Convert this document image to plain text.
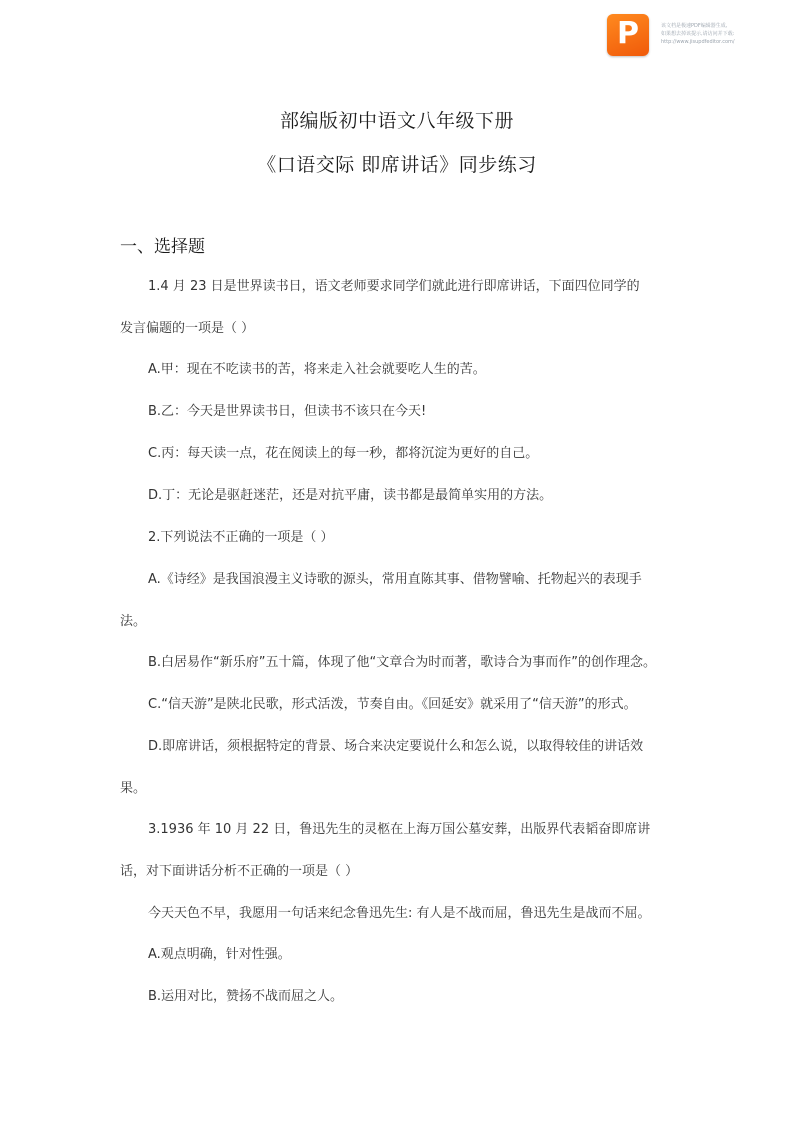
P	该文档是极速PDF编辑器生成,
如果想去掉该提示,请访问并下载:
http://www.jisupdfeditor.com/
部编版初中语文八年级下册
《口语交际 即席讲话》同步练习
一、选择题
1.4 月 23 日是世界读书日，语文老师要求同学们就此进行即席讲话，下面四位同学的
发言偏题的一项是（ ）
A.甲：现在不吃读书的苦，将来走入社会就要吃人生的苦。
B.乙：今天是世界读书日，但读书不该只在今天!
C.丙：每天读一点，花在阅读上的每一秒，都将沉淀为更好的自己。
D.丁：无论是驱赶迷茫，还是对抗平庸，读书都是最简单实用的方法。
2.下列说法不正确的一项是（ ）
A.《诗经》是我国浪漫主义诗歌的源头，常用直陈其事、借物譬喻、托物起兴的表现手
法。
B.白居易作“新乐府”五十篇，体现了他“文章合为时而著，歌诗合为事而作”的创作理念。
C.“信天游”是陕北民歌，形式活泼，节奏自由。《回延安》就采用了“信天游”的形式。
D.即席讲话，须根据特定的背景、场合来决定要说什么和怎么说，以取得较佳的讲话效
果。
3.1936 年 10 月 22 日，鲁迅先生的灵柩在上海万国公墓安葬，出版界代表韬奋即席讲
话，对下面讲话分析不正确的一项是（ ）
今天天色不早，我愿用一句话来纪念鲁迅先生: 有人是不战而屈，鲁迅先生是战而不屈。
A.观点明确，针对性强。
B.运用对比，赞扬不战而屈之人。
